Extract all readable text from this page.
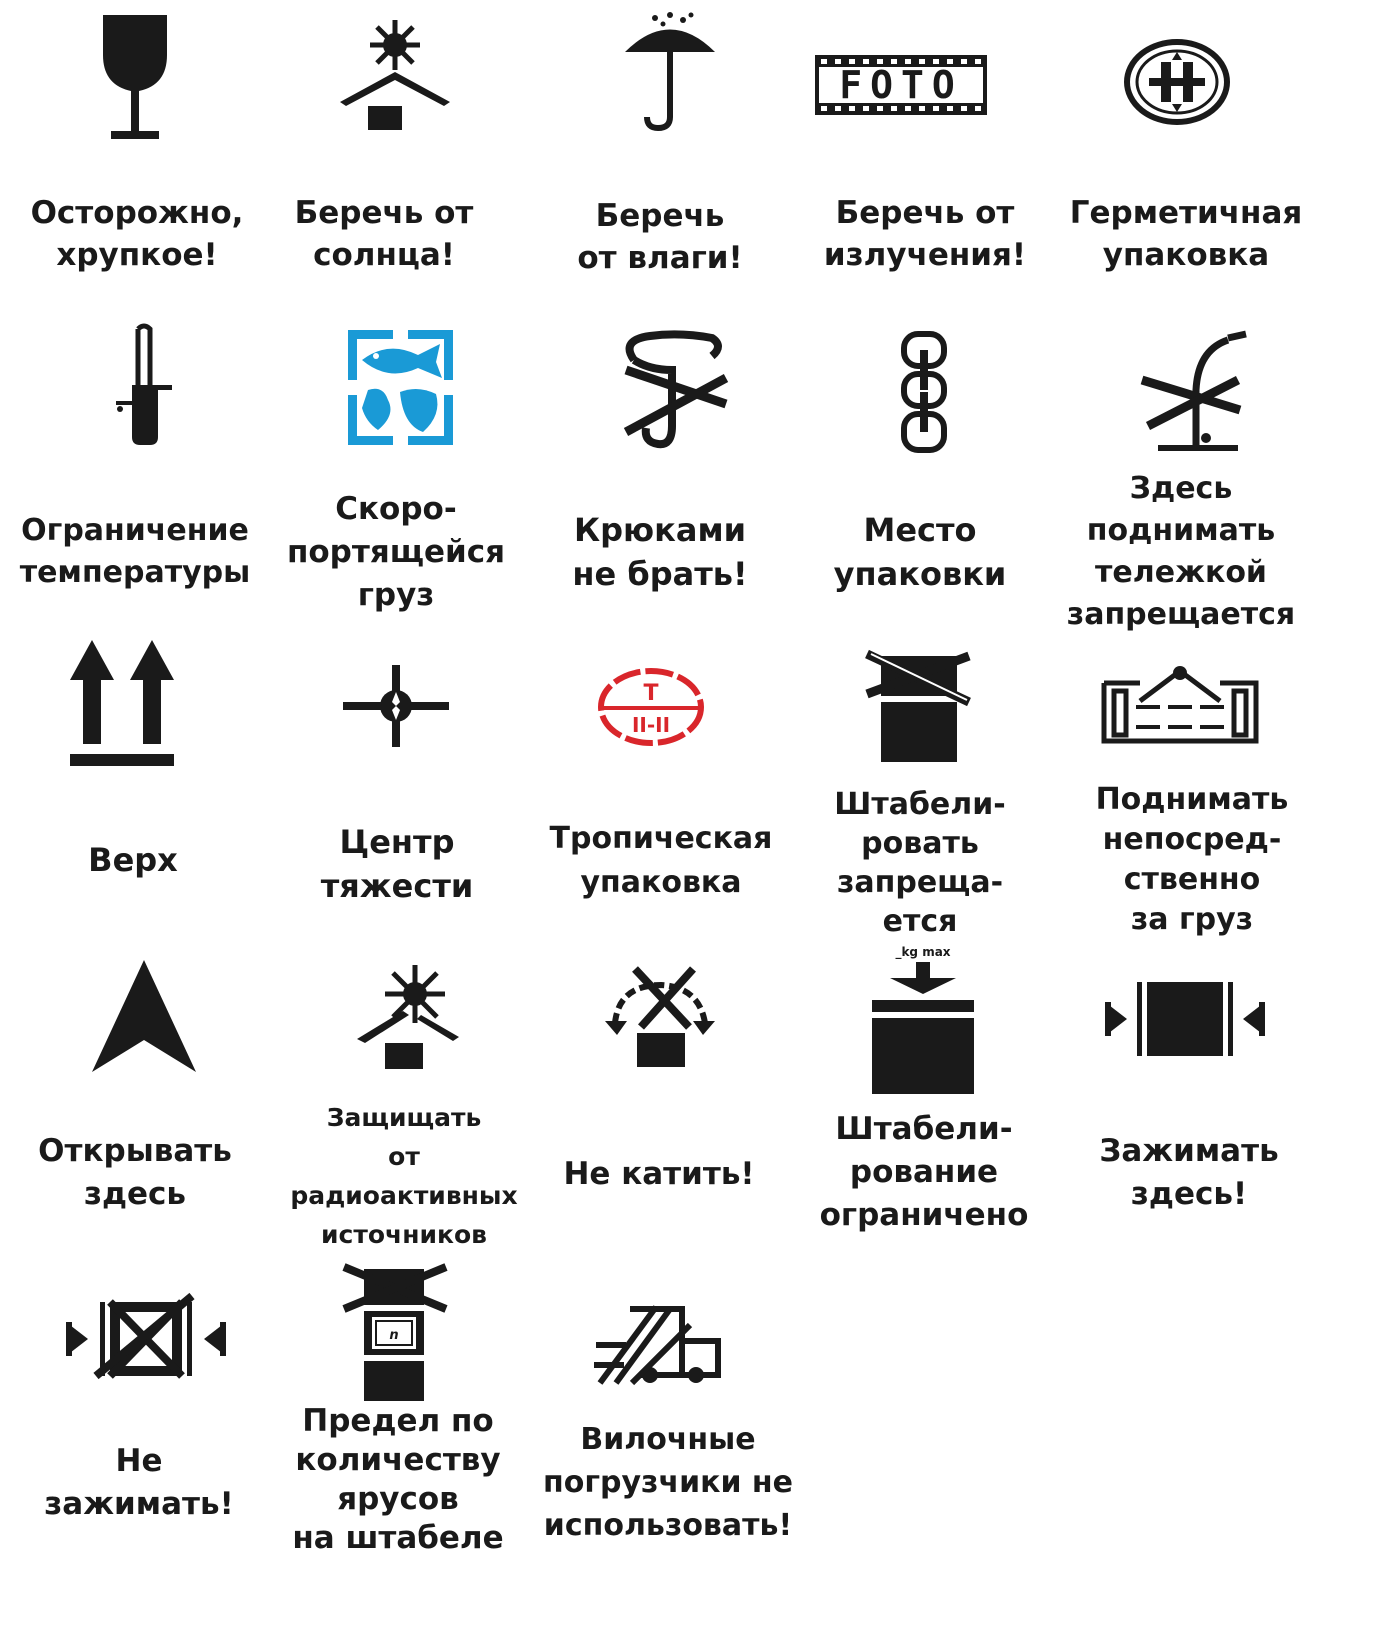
FOTO
T
II-II
_kg max
n
Осторожно,
хрупкое!
Беречь от
солнца!
Беречь
от влаги!
Беречь от
излучения!
Герметичная
упаковка
Ограничение
температуры
Скоро-
портящейся
груз
Крюками
не брать!
Место
упаковки
Здесь
поднимать
тележкой
запрещается
Верх	Центр
тяжести
Тропическая
упаковка
Штабели-
ровать
запреща-
ется
Поднимать
непосред-
ственно
за груз
Открывать
здесь
Защищать
от
радиоактивных
источников
Не катить!
Штабели-
рование
ограничено
Зажимать
здесь!
Не
зажимать!
Предел по
количеству
ярусов
на штабеле
Вилочные
погрузчики не
использовать!
